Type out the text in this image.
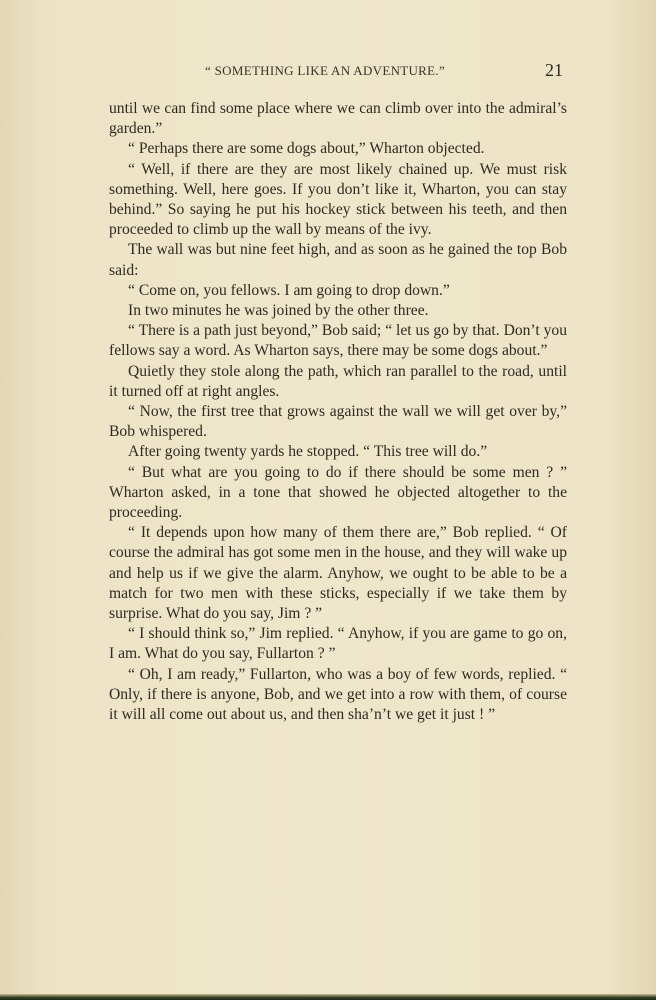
“ SOMETHING LIKE AN ADVENTURE.”	21

until we can find some place where we can climb over into the admiral’s garden.”

“ Perhaps there are some dogs about,” Wharton objected.

“ Well, if there are they are most likely chained up. We must risk something. Well, here goes. If you don’t like it, Wharton, you can stay behind.” So saying he put his hockey stick between his teeth, and then proceeded to climb up the wall by means of the ivy.

The wall was but nine feet high, and as soon as he gained the top Bob said:

“ Come on, you fellows. I am going to drop down.”

In two minutes he was joined by the other three.

“ There is a path just beyond,” Bob said; “ let us go by that. Don’t you fellows say a word. As Wharton says, there may be some dogs about.”

Quietly they stole along the path, which ran parallel to the road, until it turned off at right angles.

“ Now, the first tree that grows against the wall we will get over by,” Bob whispered.

After going twenty yards he stopped. “ This tree will do.”

“ But what are you going to do if there should be some men ? ” Wharton asked, in a tone that showed he objected altogether to the proceeding.

“ It depends upon how many of them there are,” Bob replied. “ Of course the admiral has got some men in the house, and they will wake up and help us if we give the alarm. Anyhow, we ought to be able to be a match for two men with these sticks, especially if we take them by surprise. What do you say, Jim ? ”

“ I should think so,” Jim replied. “ Anyhow, if you are game to go on, I am. What do you say, Fullarton ? ”

“ Oh, I am ready,” Fullarton, who was a boy of few words, replied. “ Only, if there is anyone, Bob, and we get into a row with them, of course it will all come out about us, and then sha’n’t we get it just ! ”
